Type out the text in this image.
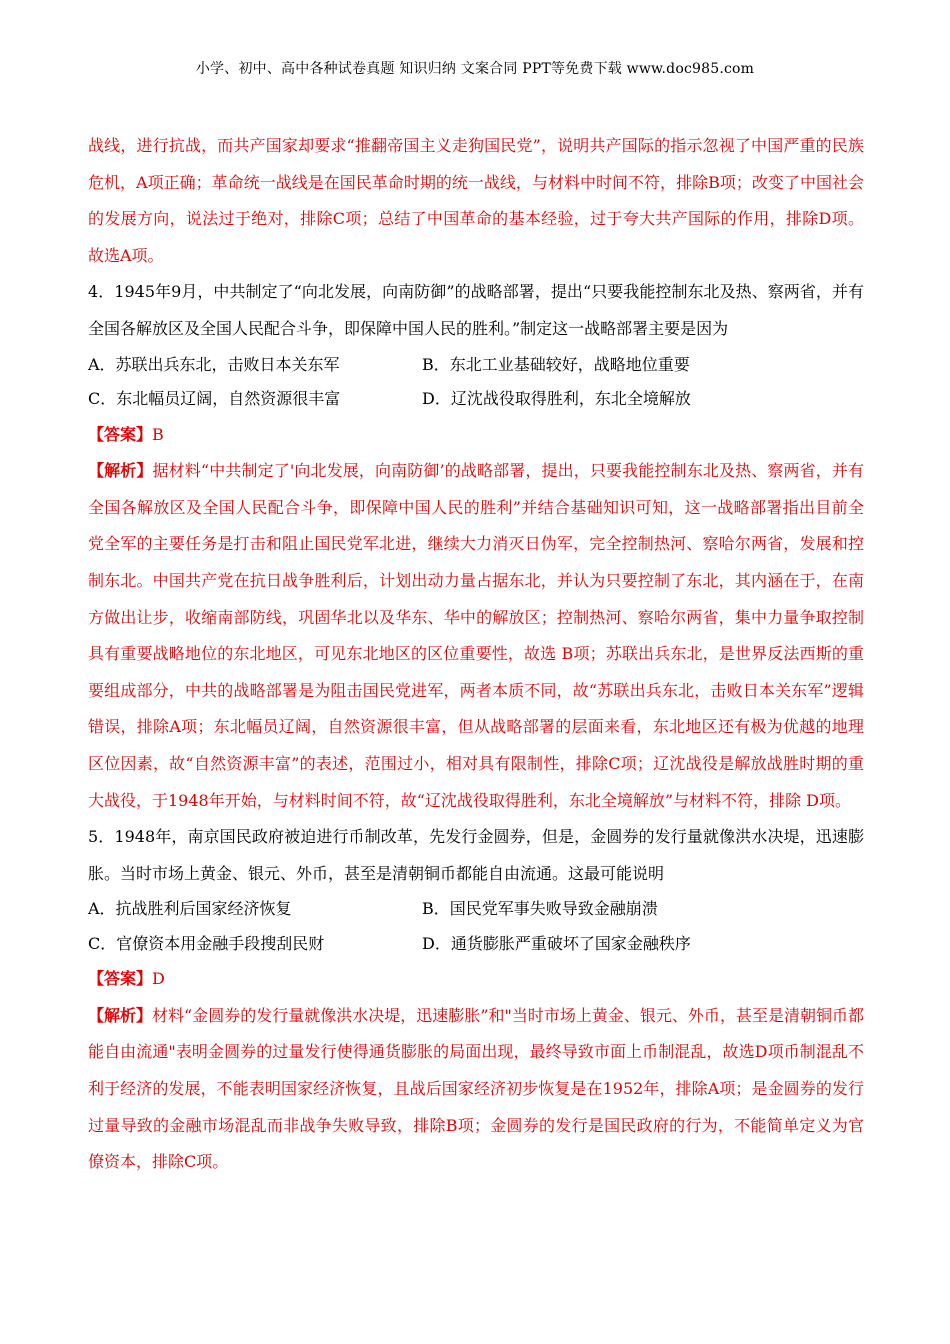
小学、初中、高中各种试卷真题 知识归纳 文案合同 PPT等免费下载 www.doc985.com

战线，进行抗战，而共产国家却要求“推翻帝国主义走狗国民党”，说明共产国际的指示忽视了中国严重的民族危机，A项正确；革命统一战线是在国民革命时期的统一战线，与材料中时间不符，排除B项；改变了中国社会的发展方向，说法过于绝对，排除C项；总结了中国革命的基本经验，过于夸大共产国际的作用，排除D项。故选A项。

4．1945年9月，中共制定了“向北发展，向南防御”的战略部署，提出“只要我能控制东北及热、察两省，并有全国各解放区及全国人民配合斗争，即保障中国人民的胜利。”制定这一战略部署主要是因为

A．苏联出兵东北，击败日本关东军	B．东北工业基础较好，战略地位重要
C．东北幅员辽阔，自然资源很丰富	D．辽沈战役取得胜利，东北全境解放

【答案】B

【解析】据材料“中共制定了'向北发展，向南防御’的战略部署，提出，只要我能控制东北及热、察两省，并有全国各解放区及全国人民配合斗争，即保障中国人民的胜利”并结合基础知识可知，这一战略部署指出目前全党全军的主要任务是打击和阻止国民党军北进，继续大力消灭日伪军，完全控制热河、察哈尔两省，发展和控制东北。中国共产党在抗日战争胜利后，计划出动力量占据东北，并认为只要控制了东北，其内涵在于，在南方做出让步，收缩南部防线，巩固华北以及华东、华中的解放区；控制热河、察哈尔两省，集中力量争取控制具有重要战略地位的东北地区，可见东北地区的区位重要性，故选 B项；苏联出兵东北，是世界反法西斯的重要组成部分，中共的战略部署是为阻击国民党进军，两者本质不同，故“苏联出兵东北，击败日本关东军”逻辑错误，排除A项；东北幅员辽阔，自然资源很丰富，但从战略部署的层面来看，东北地区还有极为优越的地理区位因素，故“自然资源丰富”的表述，范围过小，相对具有限制性，排除C项；辽沈战役是解放战胜时期的重大战役，于1948年开始，与材料时间不符，故“辽沈战役取得胜利，东北全境解放”与材料不符，排除 D项。

5．1948年，南京国民政府被迫进行币制改革，先发行金圆券，但是，金圆券的发行量就像洪水决堤，迅速膨胀。当时市场上黄金、银元、外币，甚至是清朝铜币都能自由流通。这最可能说明

A．抗战胜利后国家经济恢复	B．国民党军事失败导致金融崩溃
C．官僚资本用金融手段搜刮民财	D．通货膨胀严重破坏了国家金融秩序

【答案】D

【解析】材料“金圆券的发行量就像洪水决堤，迅速膨胀”和"当时市场上黄金、银元、外币，甚至是清朝铜币都能自由流通"表明金圆券的过量发行使得通货膨胀的局面出现，最终导致市面上币制混乱，故选D项币制混乱不利于经济的发展，不能表明国家经济恢复，且战后国家经济初步恢复是在1952年，排除A项；是金圆券的发行过量导致的金融市场混乱而非战争失败导致，排除B项；金圆券的发行是国民政府的行为，不能简单定义为官僚资本，排除C项。
